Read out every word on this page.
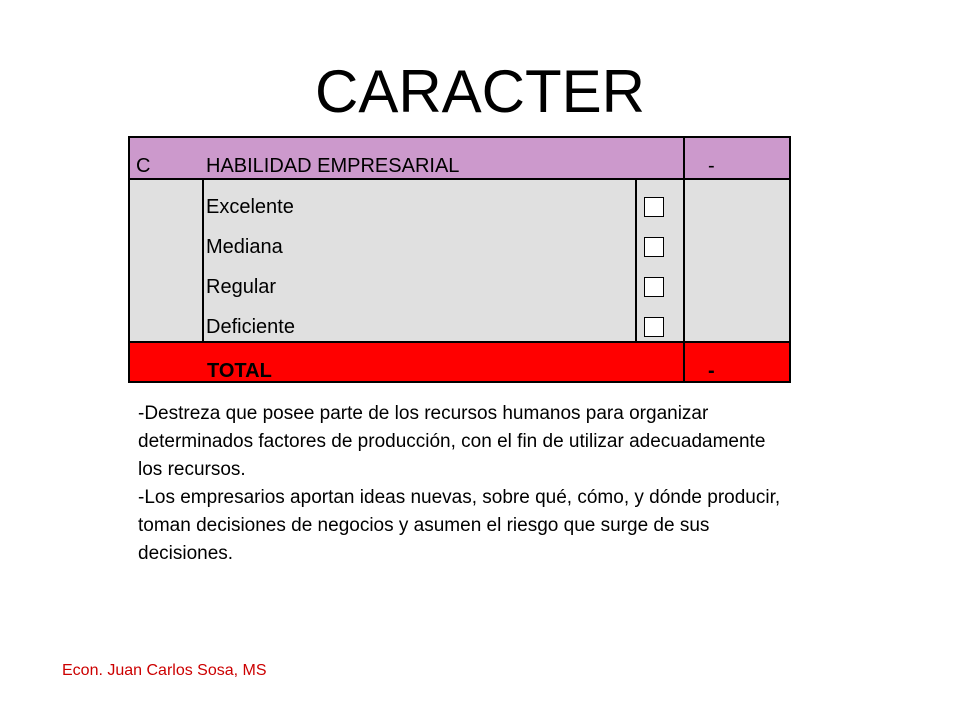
CARACTER
C	HABILIDAD EMPRESARIAL	-
Excelente
Mediana
Regular
Deficiente
TOTAL	-

-Destreza que posee parte de los recursos humanos para organizar determinados factores de producción, con el fin de utilizar adecuadamente los recursos.

-Los empresarios aportan ideas nuevas, sobre qué, cómo, y dónde producir, toman decisiones de negocios y asumen el riesgo que surge de sus decisiones.

Econ. Juan Carlos Sosa, MS
